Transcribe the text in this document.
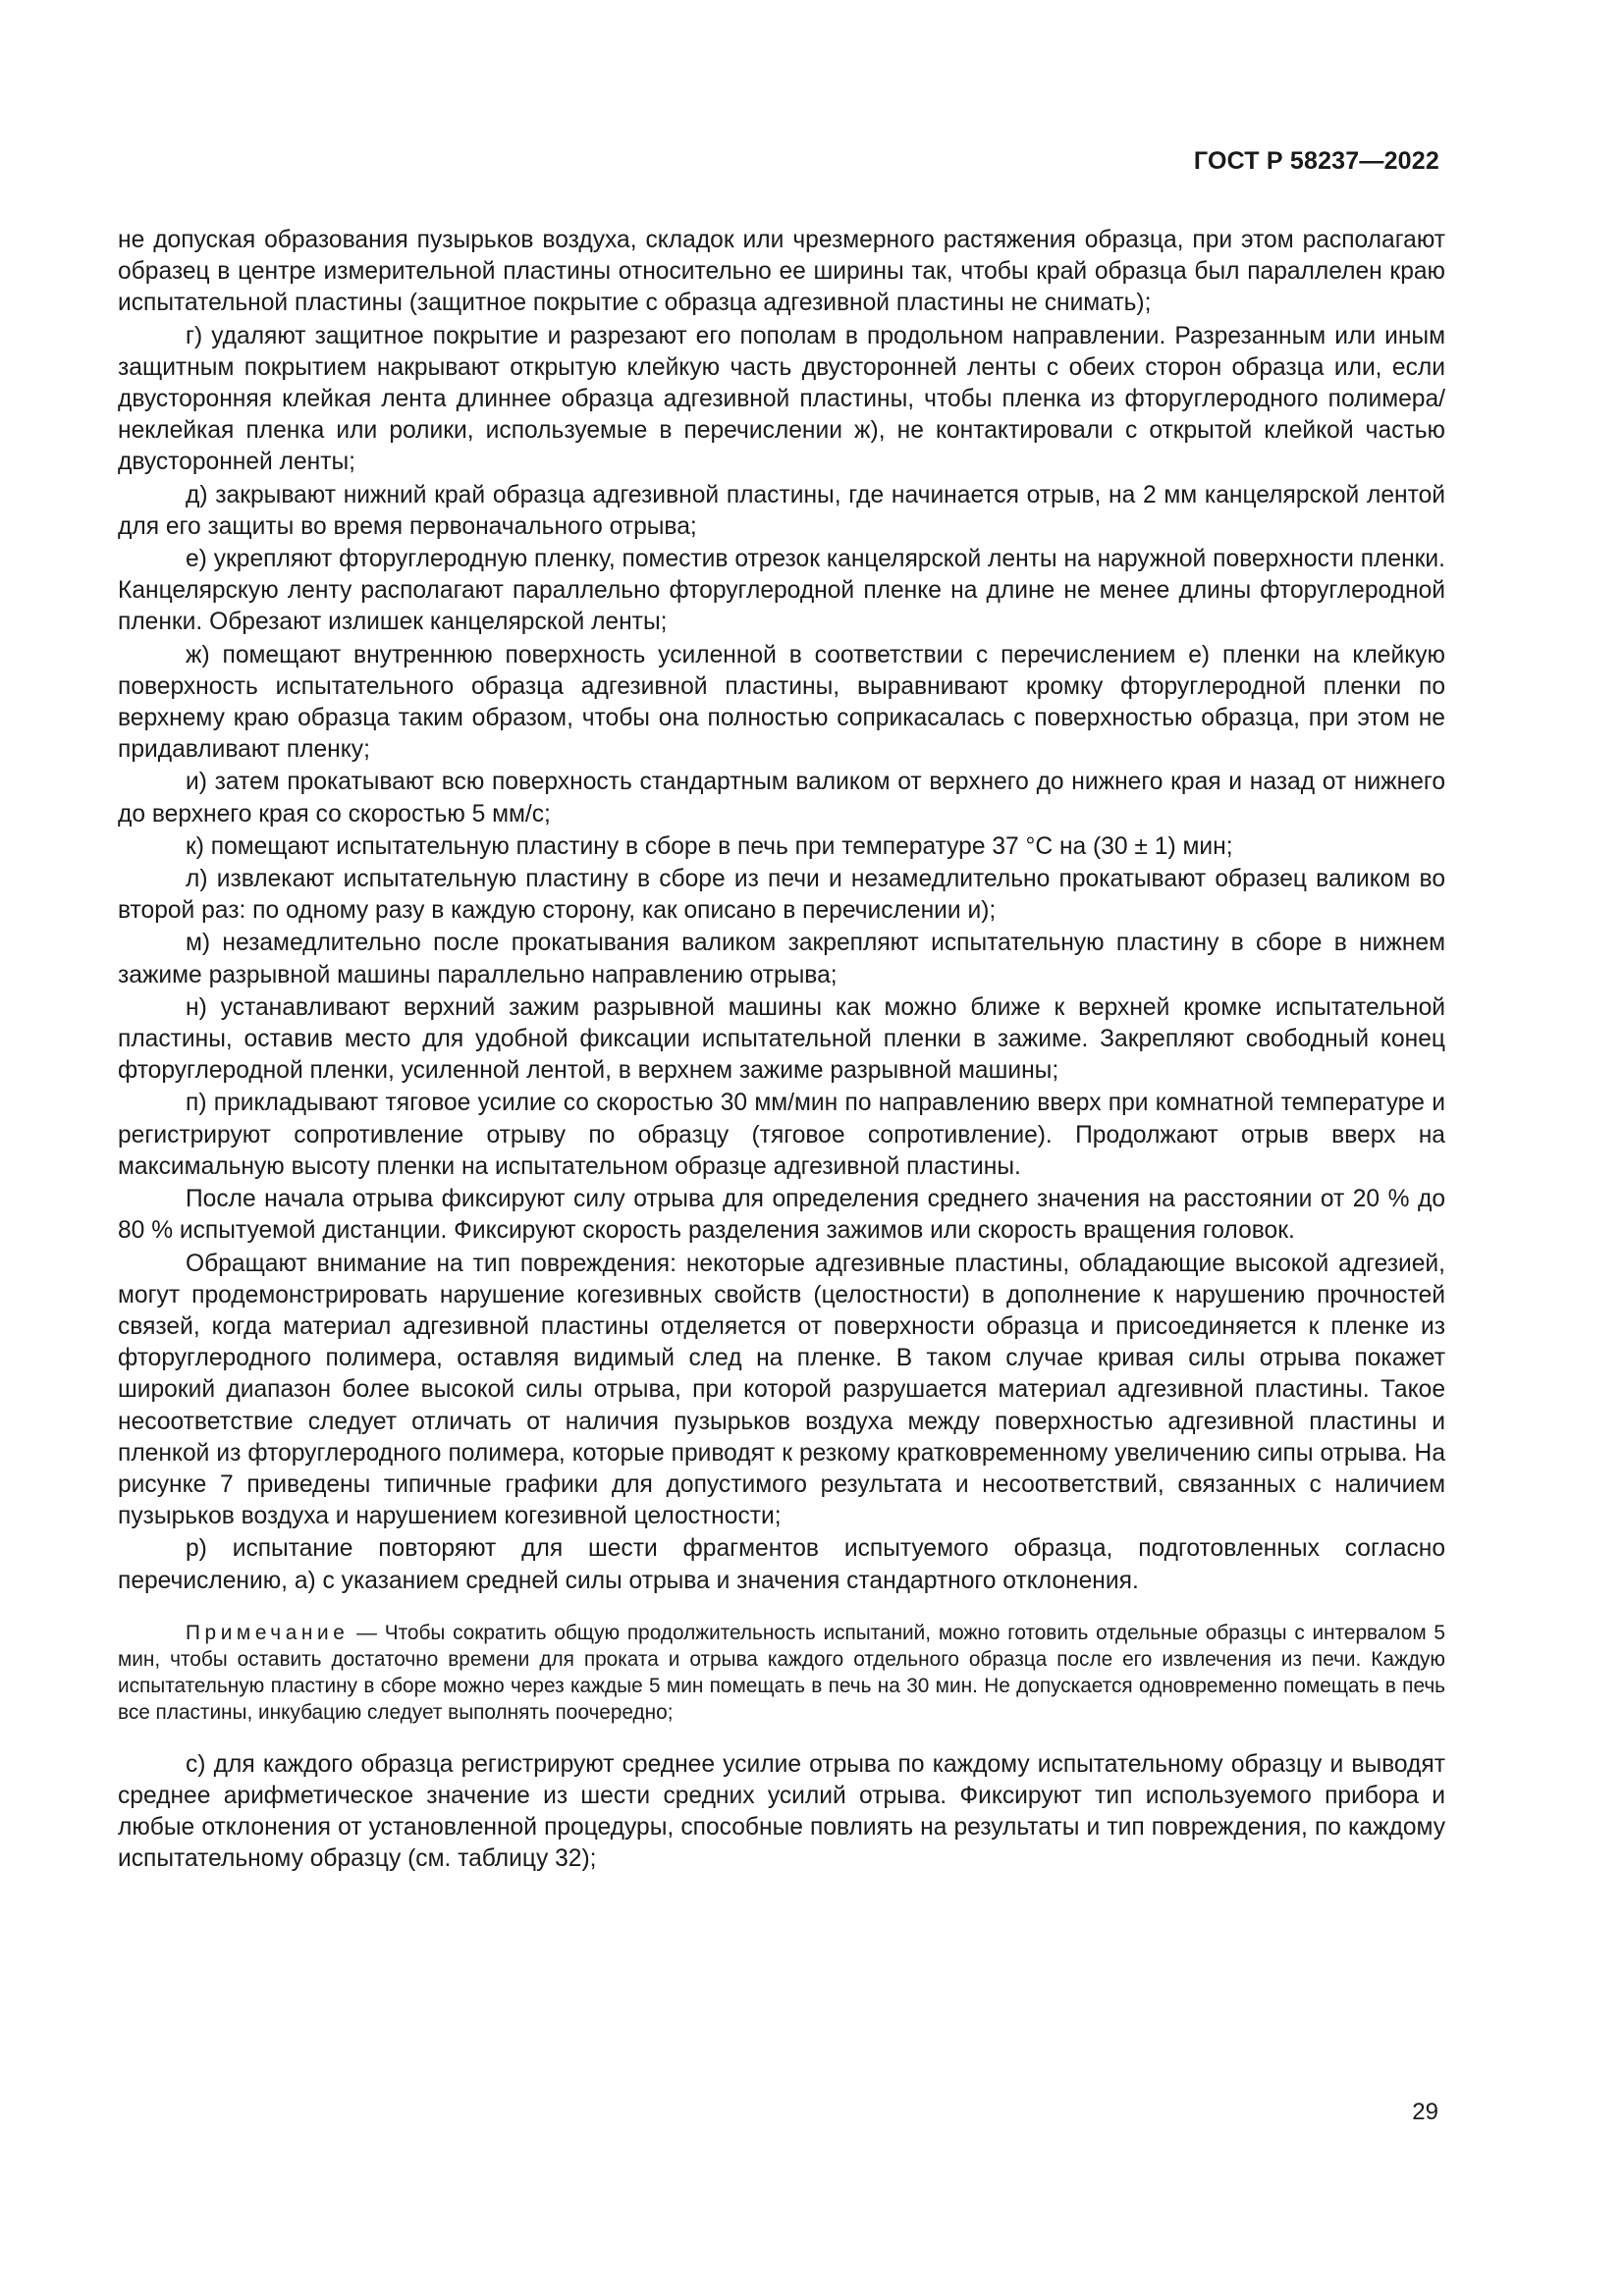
ГОСТ Р 58237—2022

не допуская образования пузырьков воздуха, складок или чрезмерного растяжения образца, при этом располагают образец в центре измерительной пластины относительно ее ширины так, чтобы край образца был параллелен краю испытательной пластины (защитное покрытие с образца адгезивной пластины не снимать);

г) удаляют защитное покрытие и разрезают его пополам в продольном направлении. Разрезанным или иным защитным покрытием накрывают открытую клейкую часть двусторонней ленты с обеих сторон образца или, если двусторонняя клейкая лента длиннее образца адгезивной пластины, чтобы пленка из фторуглеродного полимера/неклейкая пленка или ролики, используемые в перечислении ж), не контактировали с открытой клейкой частью двусторонней ленты;

д) закрывают нижний край образца адгезивной пластины, где начинается отрыв, на 2 мм канцелярской лентой для его защиты во время первоначального отрыва;

е) укрепляют фторуглеродную пленку, поместив отрезок канцелярской ленты на наружной поверхности пленки. Канцелярскую ленту располагают параллельно фторуглеродной пленке на длине не менее длины фторуглеродной пленки. Обрезают излишек канцелярской ленты;

ж) помещают внутреннюю поверхность усиленной в соответствии с перечислением е) пленки на клейкую поверхность испытательного образца адгезивной пластины, выравнивают кромку фторуглеродной пленки по верхнему краю образца таким образом, чтобы она полностью соприкасалась с поверхностью образца, при этом не придавливают пленку;

и) затем прокатывают всю поверхность стандартным валиком от верхнего до нижнего края и назад от нижнего до верхнего края со скоростью 5 мм/с;

к) помещают испытательную пластину в сборе в печь при температуре 37 °С на (30 ± 1) мин;

л) извлекают испытательную пластину в сборе из печи и незамедлительно прокатывают образец валиком во второй раз: по одному разу в каждую сторону, как описано в перечислении и);

м) незамедлительно после прокатывания валиком закрепляют испытательную пластину в сборе в нижнем зажиме разрывной машины параллельно направлению отрыва;

н) устанавливают верхний зажим разрывной машины как можно ближе к верхней кромке испытательной пластины, оставив место для удобной фиксации испытательной пленки в зажиме. Закрепляют свободный конец фторуглеродной пленки, усиленной лентой, в верхнем зажиме разрывной машины;

п) прикладывают тяговое усилие со скоростью 30 мм/мин по направлению вверх при комнатной температуре и регистрируют сопротивление отрыву по образцу (тяговое сопротивление). Продолжают отрыв вверх на максимальную высоту пленки на испытательном образце адгезивной пластины.

После начала отрыва фиксируют силу отрыва для определения среднего значения на расстоянии от 20 % до 80 % испытуемой дистанции. Фиксируют скорость разделения зажимов или скорость вращения головок.

Обращают внимание на тип повреждения: некоторые адгезивные пластины, обладающие высокой адгезией, могут продемонстрировать нарушение когезивных свойств (целостности) в дополнение к нарушению прочностей связей, когда материал адгезивной пластины отделяется от поверхности образца и присоединяется к пленке из фторуглеродного полимера, оставляя видимый след на пленке. В таком случае кривая силы отрыва покажет широкий диапазон более высокой силы отрыва, при которой разрушается материал адгезивной пластины. Такое несоответствие следует отличать от наличия пузырьков воздуха между поверхностью адгезивной пластины и пленкой из фторуглеродного полимера, которые приводят к резкому кратковременному увеличению сипы отрыва. На рисунке 7 приведены типичные графики для допустимого результата и несоответствий, связанных с наличием пузырьков воздуха и нарушением когезивной целостности;

р) испытание повторяют для шести фрагментов испытуемого образца, подготовленных согласно перечислению, а) с указанием средней силы отрыва и значения стандартного отклонения.

Примечание — Чтобы сократить общую продолжительность испытаний, можно готовить отдельные образцы с интервалом 5 мин, чтобы оставить достаточно времени для проката и отрыва каждого отдельного образца после его извлечения из печи. Каждую испытательную пластину в сборе можно через каждые 5 мин помещать в печь на 30 мин. Не допускается одновременно помещать в печь все пластины, инкубацию следует выполнять поочередно;

с) для каждого образца регистрируют среднее усилие отрыва по каждому испытательному образцу и выводят среднее арифметическое значение из шести средних усилий отрыва. Фиксируют тип используемого прибора и любые отклонения от установленной процедуры, способные повлиять на результаты и тип повреждения, по каждому испытательному образцу (см. таблицу 32);

29
